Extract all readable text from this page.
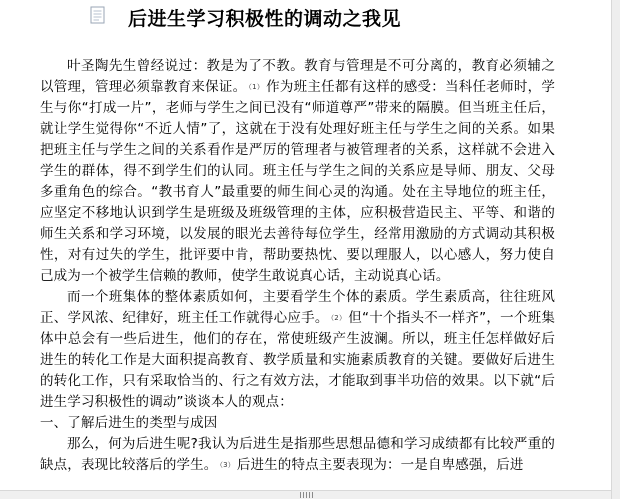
后进生学习积极性的调动之我见

叶圣陶先生曾经说过：教是为了不教。教育与管理是不可分离的，教育必须辅之以管理，管理必须靠教育来保证。 $^{(1)}$ 作为班主任都有这样的感受：当科任老师时，学生与你“打成一片”，老师与学生之间已没有“师道尊严”带来的隔膜。但当班主任后，就让学生觉得你“不近人情”了，这就在于没有处理好班主任与学生之间的关系。如果把班主任与学生之间的关系看作是严厉的管理者与被管理者的关系，这样就不会进入学生的群体，得不到学生们的认同。班主任与学生之间的关系应是导师、朋友、父母多重角色的综合。“教书育人”最重要的师生间心灵的沟通。处在主导地位的班主任，应坚定不移地认识到学生是班级及班级管理的主体，应积极营造民主、平等、和谐的师生关系和学习环境，以发展的眼光去善待每位学生，经常用激励的方式调动其积极性，对有过失的学生，批评要中肯，帮助要热忱、要以理服人，以心感人，努力使自己成为一个被学生信赖的教师，使学生敢说真心话，主动说真心话。

而一个班集体的整体素质如何，主要看学生个体的素质。学生素质高，往往班风正、学风浓、纪律好，班主任工作就得心应手。 $^{(2)}$ 但“十个指头不一样齐”，一个班集体中总会有一些后进生，他们的存在，常使班级产生波澜。所以，班主任怎样做好后进生的转化工作是大面积提高教育、教学质量和实施素质教育的关键。要做好后进生的转化工作，只有采取恰当的、行之有效方法，才能取到事半功倍的效果。以下就“后进生学习积极性的调动”谈谈本人的观点：

一、了解后进生的类型与成因

那么，何为后进生呢?我认为后进生是指那些思想品德和学习成绩都有比较严重的缺点，表现比较落后的学生。 $^{(3)}$ 后进生的特点主要表现为：一是自卑感强，后进
